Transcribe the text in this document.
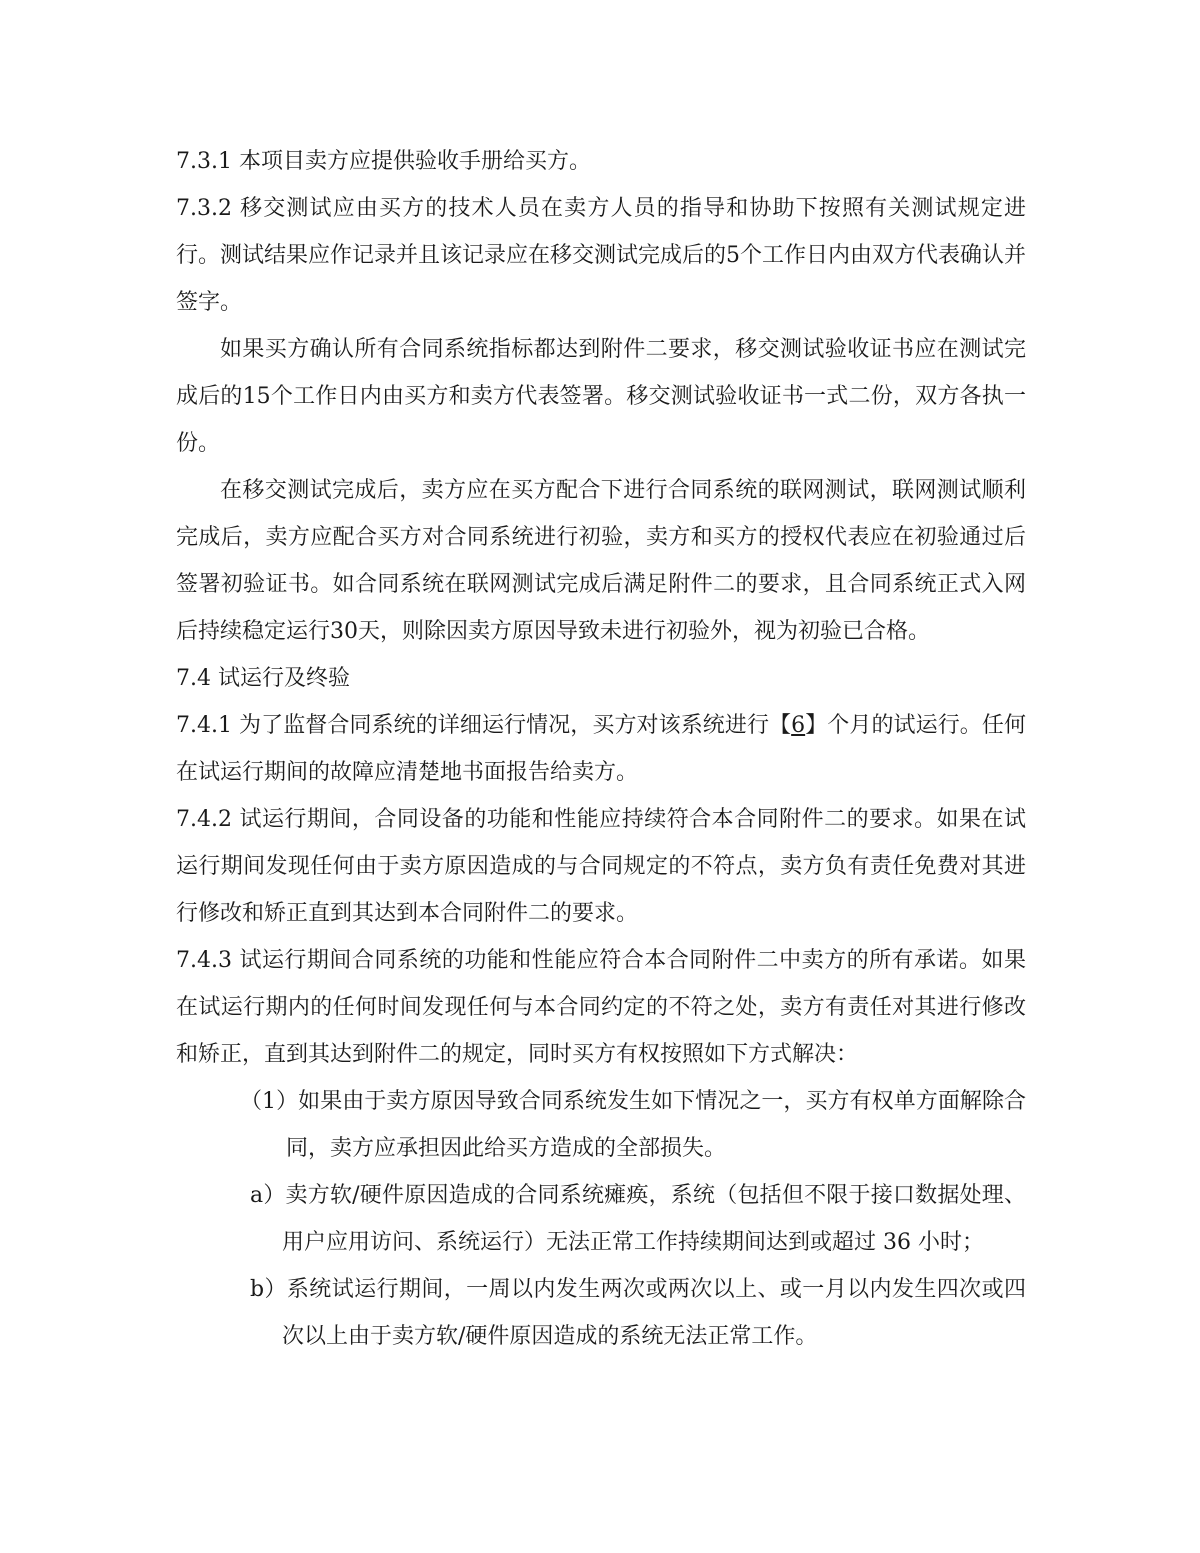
7.3.1 本项目卖方应提供验收手册给买方。

7.3.2 移交测试应由买方的技术人员在卖方人员的指导和协助下按照有关测试规定进行。测试结果应作记录并且该记录应在移交测试完成后的5个工作日内由双方代表确认并签字。

如果买方确认所有合同系统指标都达到附件二要求，移交测试验收证书应在测试完成后的15个工作日内由买方和卖方代表签署。移交测试验收证书一式二份，双方各执一份。

在移交测试完成后，卖方应在买方配合下进行合同系统的联网测试，联网测试顺利完成后，卖方应配合买方对合同系统进行初验，卖方和买方的授权代表应在初验通过后签署初验证书。如合同系统在联网测试完成后满足附件二的要求，且合同系统正式入网后持续稳定运行30天，则除因卖方原因导致未进行初验外，视为初验已合格。

7.4 试运行及终验

7.4.1 为了监督合同系统的详细运行情况，买方对该系统进行【6】个月的试运行。任何在试运行期间的故障应清楚地书面报告给卖方。

7.4.2 试运行期间，合同设备的功能和性能应持续符合本合同附件二的要求。如果在试运行期间发现任何由于卖方原因造成的与合同规定的不符点，卖方负有责任免费对其进行修改和矫正直到其达到本合同附件二的要求。

7.4.3 试运行期间合同系统的功能和性能应符合本合同附件二中卖方的所有承诺。如果在试运行期内的任何时间发现任何与本合同约定的不符之处，卖方有责任对其进行修改和矫正，直到其达到附件二的规定，同时买方有权按照如下方式解决：

（1）如果由于卖方原因导致合同系统发生如下情况之一，买方有权单方面解除合同，卖方应承担因此给买方造成的全部损失。

a）卖方软/硬件原因造成的合同系统瘫痪，系统（包括但不限于接口数据处理、用户应用访问、系统运行）无法正常工作持续期间达到或超过 36 小时；

b）系统试运行期间，一周以内发生两次或两次以上、或一月以内发生四次或四次以上由于卖方软/硬件原因造成的系统无法正常工作。
